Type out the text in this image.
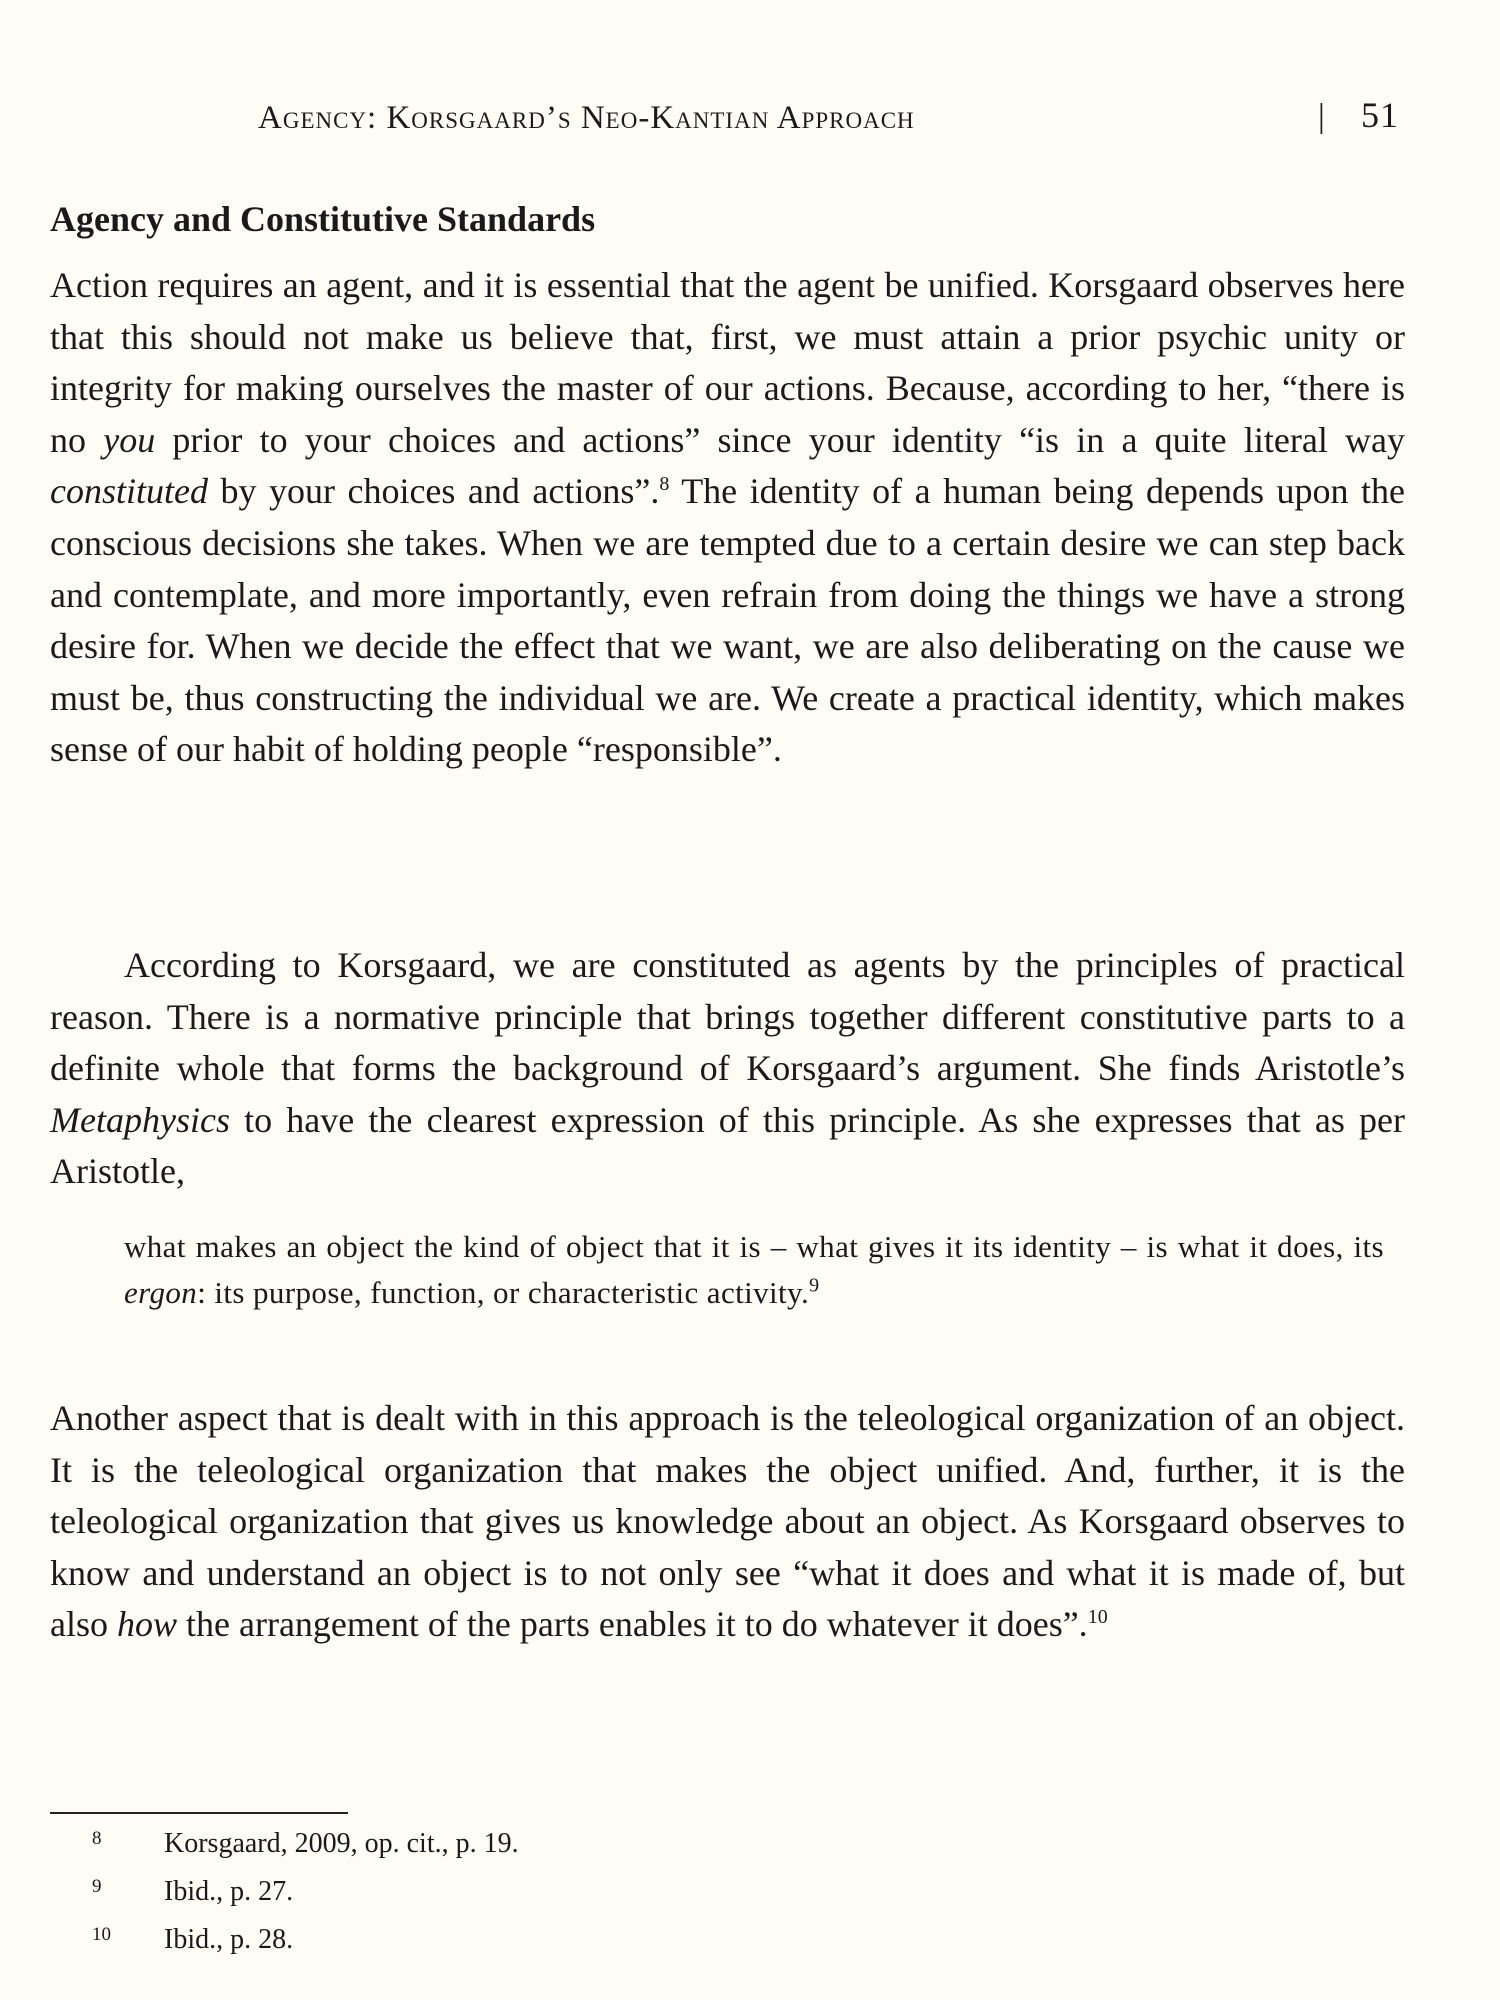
Agency: Korsgaard’s Neo-Kantian Approach	| 51
Agency and Constitutive Standards

Action requires an agent, and it is essential that the agent be unified. Korsgaard observes here that this should not make us believe that, first, we must attain a prior psychic unity or integrity for making ourselves the master of our actions. Because, according to her, “there is no you prior to your choices and actions” since your identity “is in a quite literal way constituted by your choices and actions”.$^8$ The identity of a human being depends upon the conscious decisions she takes. When we are tempted due to a certain desire we can step back and contemplate, and more importantly, even refrain from doing the things we have a strong desire for. When we decide the effect that we want, we are also deliberating on the cause we must be, thus constructing the individual we are. We create a practical identity, which makes sense of our habit of holding people “responsible”.

According to Korsgaard, we are constituted as agents by the principles of practical reason. There is a normative principle that brings together different constitutive parts to a definite whole that forms the background of Korsgaard’s argument. She finds Aristotle’s Metaphysics to have the clearest expression of this principle. As she expresses that as per Aristotle,

what makes an object the kind of object that it is – what gives it its identity – is what it does, its ergon: its purpose, function, or characteristic activity.$^9$

Another aspect that is dealt with in this approach is the teleological organization of an object. It is the teleological organization that makes the object unified. And, further, it is the teleological organization that gives us knowledge about an object. As Korsgaard observes to know and understand an object is to not only see “what it does and what it is made of, but also how the arrangement of the parts enables it to do whatever it does”.$^{10}$

8 Korsgaard, 2009, op. cit., p. 19.
9 Ibid., p. 27.
10 Ibid., p. 28.
